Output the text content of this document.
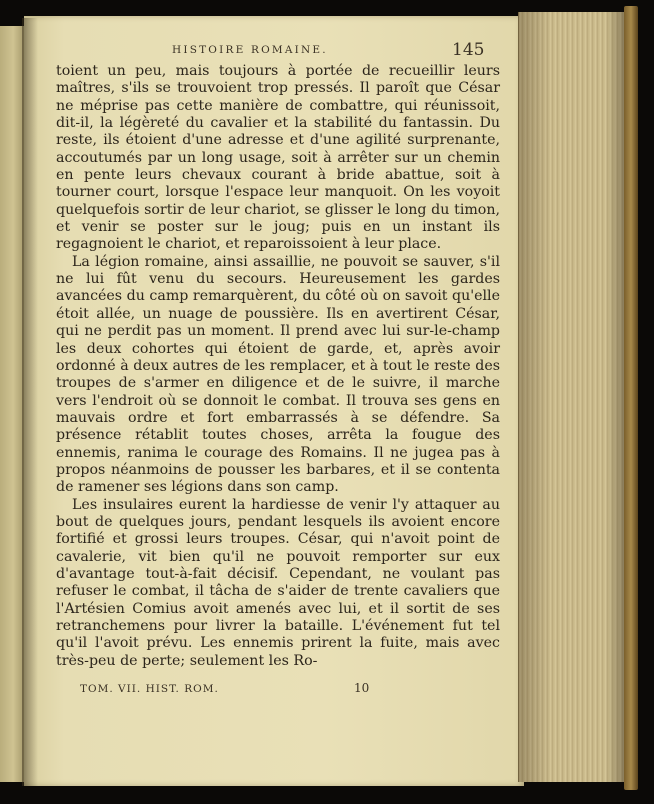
HISTOIRE ROMAINE.	145

toient un peu, mais toujours à portée de recueillir leurs maîtres, s'ils se trouvoient trop pressés. Il paroît que César ne méprise pas cette manière de combattre, qui réunissoit, dit-il, la légèreté du cavalier et la stabilité du fantassin. Du reste, ils étoient d'une adresse et d'une agilité surprenante, accoutumés par un long usage, soit à arrêter sur un chemin en pente leurs chevaux courant à bride abattue, soit à tourner court, lorsque l'espace leur manquoit. On les voyoit quelquefois sortir de leur chariot, se glisser le long du timon, et venir se poster sur le joug; puis en un instant ils regagnoient le chariot, et reparoissoient à leur place.

La légion romaine, ainsi assaillie, ne pouvoit se sauver, s'il ne lui fût venu du secours. Heureusement les gardes avancées du camp remarquèrent, du côté où on savoit qu'elle étoit allée, un nuage de poussière. Ils en avertirent César, qui ne perdit pas un moment. Il prend avec lui sur-le-champ les deux cohortes qui étoient de garde, et, après avoir ordonné à deux autres de les remplacer, et à tout le reste des troupes de s'armer en diligence et de le suivre, il marche vers l'endroit où se donnoit le combat. Il trouva ses gens en mauvais ordre et fort embarrassés à se défendre. Sa présence rétablit toutes choses, arrêta la fougue des ennemis, ranima le courage des Romains. Il ne jugea pas à propos néanmoins de pousser les barbares, et il se contenta de ramener ses légions dans son camp.

Les insulaires eurent la hardiesse de venir l'y attaquer au bout de quelques jours, pendant lesquels ils avoient encore fortifié et grossi leurs troupes. César, qui n'avoit point de cavalerie, vit bien qu'il ne pouvoit remporter sur eux d'avantage tout-à-fait décisif. Cependant, ne voulant pas refuser le combat, il tâcha de s'aider de trente cavaliers que l'Artésien Comius avoit amenés avec lui, et il sortit de ses retranchemens pour livrer la bataille. L'événement fut tel qu'il l'avoit prévu. Les ennemis prirent la fuite, mais avec très-peu de perte; seulement les Ro-

TOM. VII. HIST. ROM.	10
